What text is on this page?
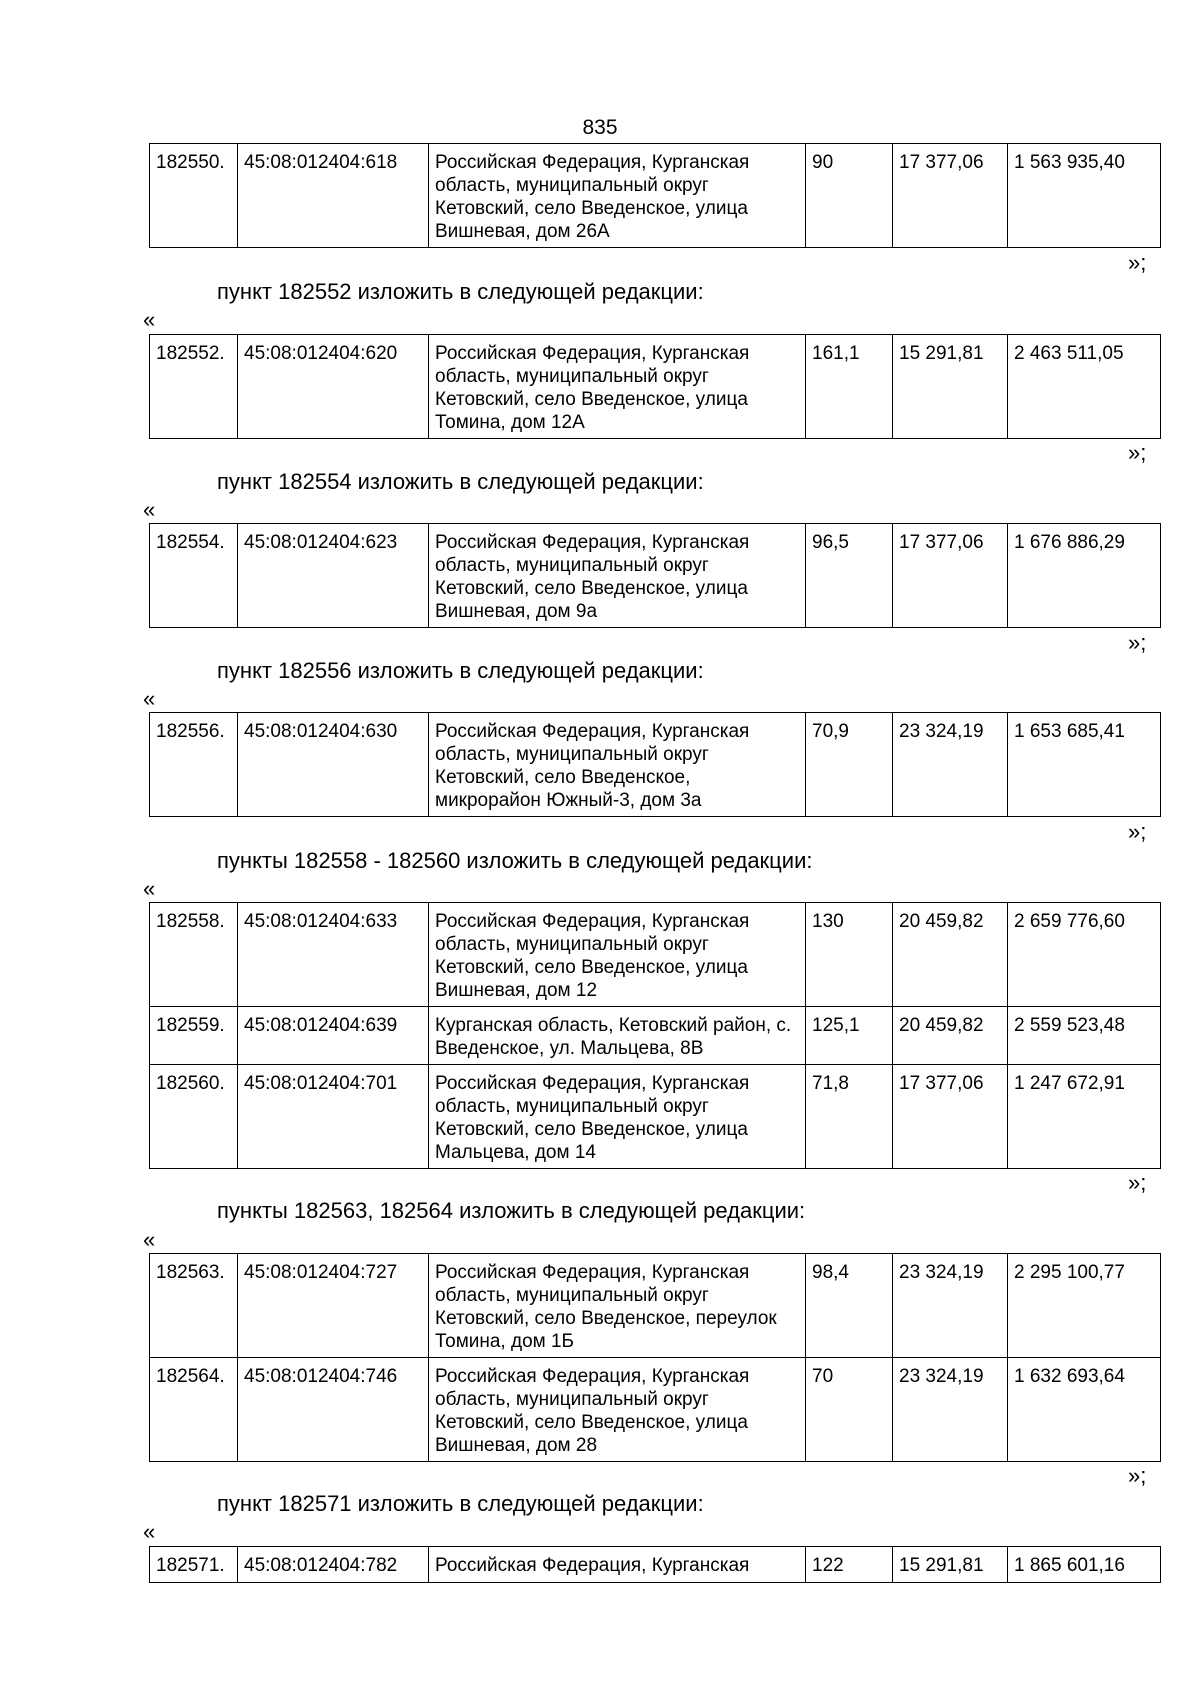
835
182550.	45:08:012404:618	Российская Федерация, Курганская область, муниципальный округ Кетовский, село Введенское, улица Вишневая, дом 26А	90	17 377,06	1 563 935,40
»;
пункт 182552 изложить в следующей редакции:
«
182552.	45:08:012404:620	Российская Федерация, Курганская область, муниципальный округ Кетовский, село Введенское, улица Томина, дом 12А	161,1	15 291,81	2 463 511,05
»;
пункт 182554 изложить в следующей редакции:
«
182554.	45:08:012404:623	Российская Федерация, Курганская область, муниципальный округ Кетовский, село Введенское, улица Вишневая, дом 9а	96,5	17 377,06	1 676 886,29
»;
пункт 182556 изложить в следующей редакции:
«
182556.	45:08:012404:630	Российская Федерация, Курганская область, муниципальный округ Кетовский, село Введенское, микрорайон Южный-3, дом 3а	70,9	23 324,19	1 653 685,41
»;
пункты 182558 - 182560 изложить в следующей редакции:
«
182558.	45:08:012404:633	Российская Федерация, Курганская область, муниципальный округ Кетовский, село Введенское, улица Вишневая, дом 12	130	20 459,82	2 659 776,60
182559.	45:08:012404:639	Курганская область, Кетовский район, с. Введенское, ул. Мальцева, 8В	125,1	20 459,82	2 559 523,48
182560.	45:08:012404:701	Российская Федерация, Курганская область, муниципальный округ Кетовский, село Введенское, улица Мальцева, дом 14	71,8	17 377,06	1 247 672,91
»;
пункты 182563, 182564 изложить в следующей редакции:
«
182563.	45:08:012404:727	Российская Федерация, Курганская область, муниципальный округ Кетовский, село Введенское, переулок Томина, дом 1Б	98,4	23 324,19	2 295 100,77
182564.	45:08:012404:746	Российская Федерация, Курганская область, муниципальный округ Кетовский, село Введенское, улица Вишневая, дом 28	70	23 324,19	1 632 693,64
»;
пункт 182571 изложить в следующей редакции:
«
182571.	45:08:012404:782	Российская Федерация, Курганская	122	15 291,81	1 865 601,16
